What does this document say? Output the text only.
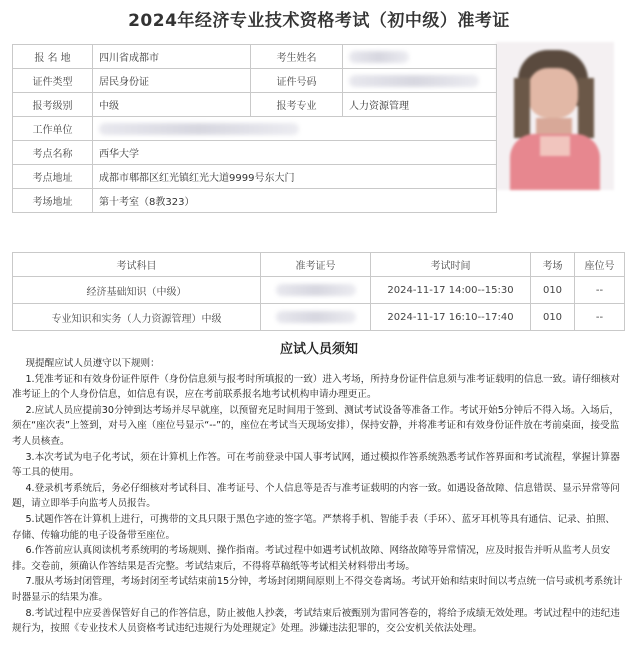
2024年经济专业技术资格考试（初中级）准考证
报 名 地	四川省成都市	考生姓名	
证件类型	居民身份证	证件号码	
报考级别	中级	报考专业	人力资源管理
工作单位			
考点名称	西华大学		
考点地址	成都市郫都区红光镇红光大道9999号东大门		
考场地址	第十考室（8教323）		
考试科目	准考证号	考试时间	考场	座位号
经济基础知识（中级）		2024-11-17 14:00--15:30	010	--
专业知识和实务（人力资源管理）中级		2024-11-17 16:10--17:40	010	--
应试人员须知

现提醒应试人员遵守以下规则：

1.凭准考证和有效身份证件原件（身份信息须与报考时所填报的一致）进入考场，所持身份证件信息须与准考证载明的信息一致。请仔细核对准考证上的个人身份信息，如信息有误，应在考前联系报名地考试机构申请办理更正。

2.应试人员应提前30分钟到达考场并尽早就座，以预留充足时间用于签到、测试考试设备等准备工作。考试开始5分钟后不得入场。入场后，须在“座次表”上签到，对号入座（座位号显示“--”的，座位在考试当天现场安排），保持安静，并将准考证和有效身份证件放在考前桌面，接受监考人员核查。

3.本次考试为电子化考试，须在计算机上作答。可在考前登录中国人事考试网，通过模拟作答系统熟悉考试作答界面和考试流程，掌握计算器等工具的使用。

4.登录机考系统后，务必仔细核对考试科目、准考证号、个人信息等是否与准考证载明的内容一致。如遇设备故障、信息错误、显示异常等问题，请立即举手向监考人员报告。

5.试题作答在计算机上进行，可携带的文具只限于黑色字迹的签字笔。严禁将手机、智能手表（手环）、蓝牙耳机等具有通信、记录、拍照、存储、传输功能的电子设备带至座位。

6.作答前应认真阅读机考系统明的考场规则、操作指南。考试过程中如遇考试机故障、网络故障等异常情况，应及时报告并听从监考人员安排。交卷前，须确认作答结果是否完整。考试结束后，不得将草稿纸等考试相关材料带出考场。

7.服从考场封闭管理，考场封闭至考试结束前15分钟，考场封闭期间原则上不得交卷离场。考试开始和结束时间以考点统一信号或机考系统计时器显示的结果为准。

8.考试过程中应妥善保管好自己的作答信息，防止被他人抄袭，考试结束后被甄别为雷同答卷的，将给予成绩无效处理。考试过程中的违纪违规行为，按照《专业技术人员资格考试违纪违规行为处理规定》处理。涉嫌违法犯罪的，交公安机关依法处理。
